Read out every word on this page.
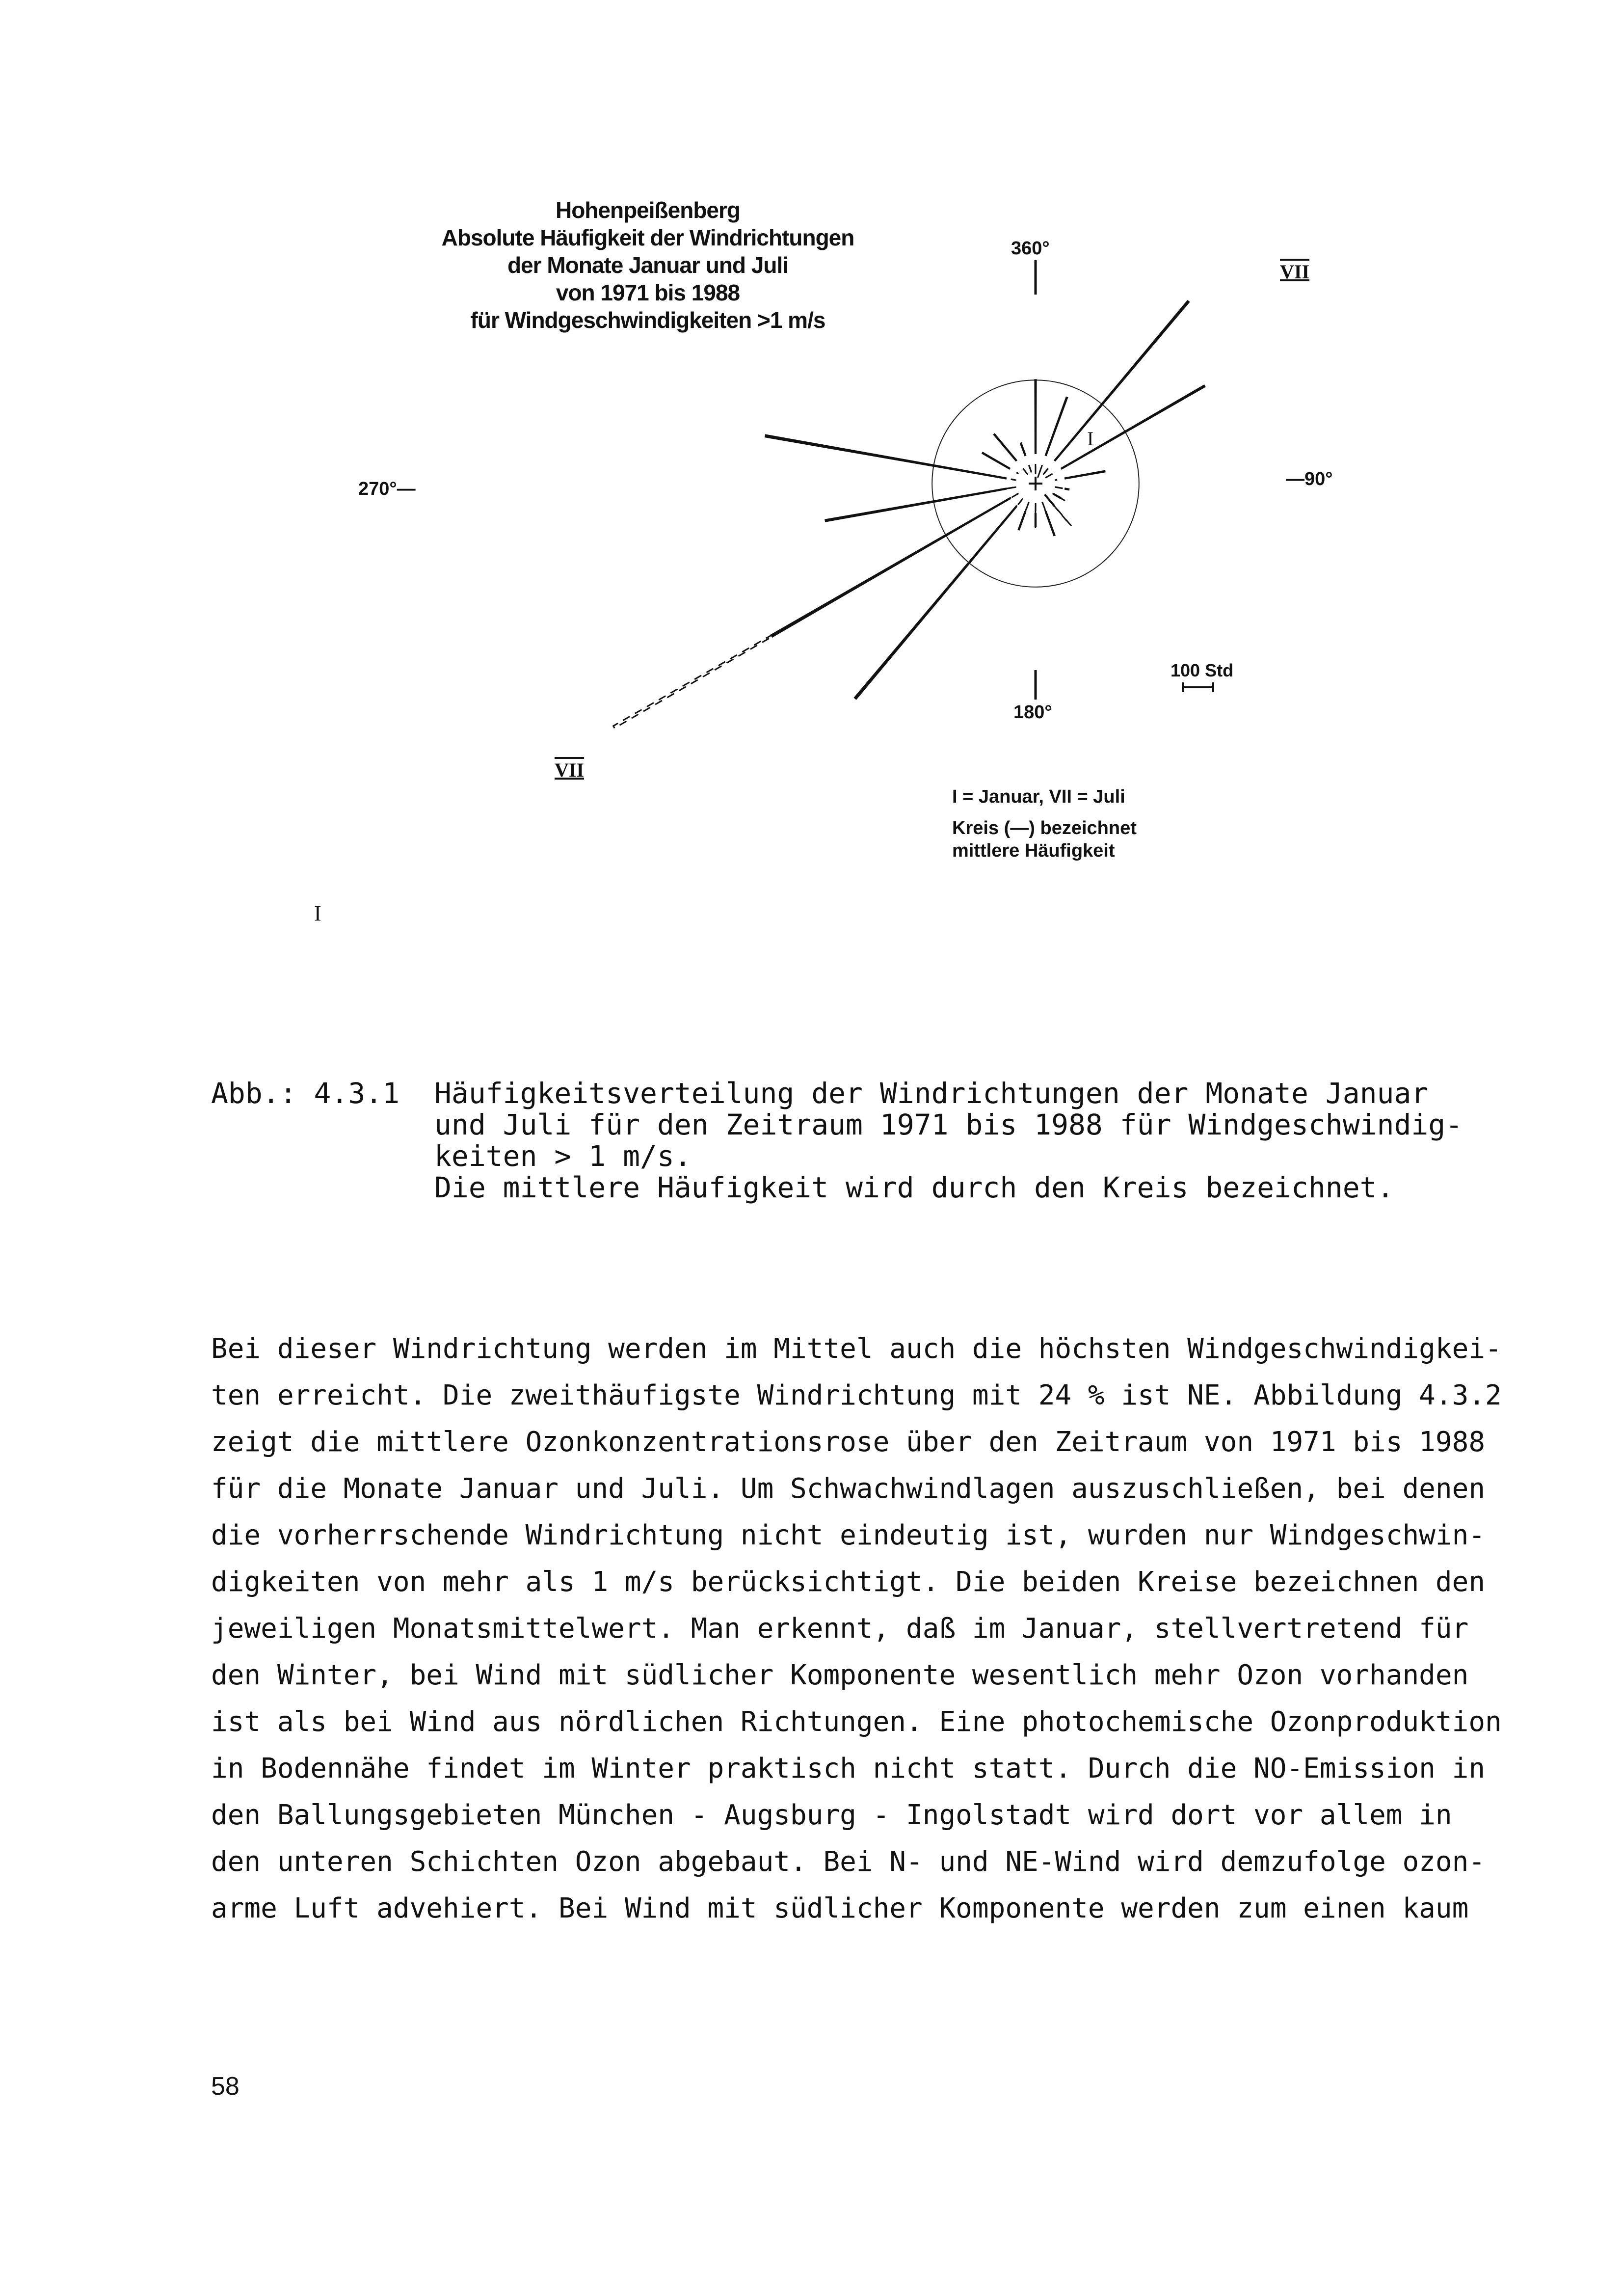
Hohenpeißenberg
Absolute Häufigkeit der Windrichtungen
der Monate Januar und Juli
von 1971 bis 1988
für Windgeschwindigkeiten >1 m/s
360°
—90°
180°
270°—
100 Std
VII
VII
I
I
I = Januar, VII = Juli
Kreis (—) bezeichnet
mittlere Häufigkeit
Abb.: 4.3.1 Häufigkeitsverteilung der Windrichtungen der Monate Januar
und Juli für den Zeitraum 1971 bis 1988 für Windgeschwindig-
keiten > 1 m/s.
Die mittlere Häufigkeit wird durch den Kreis bezeichnet.
Bei dieser Windrichtung werden im Mittel auch die höchsten Windgeschwindigkei-
ten erreicht. Die zweithäufigste Windrichtung mit 24 % ist NE. Abbildung 4.3.2
zeigt die mittlere Ozonkonzentrationsrose über den Zeitraum von 1971 bis 1988
für die Monate Januar und Juli. Um Schwachwindlagen auszuschließen, bei denen
die vorherrschende Windrichtung nicht eindeutig ist, wurden nur Windgeschwin-
digkeiten von mehr als 1 m/s berücksichtigt. Die beiden Kreise bezeichnen den
jeweiligen Monatsmittelwert. Man erkennt, daß im Januar, stellvertretend für
den Winter, bei Wind mit südlicher Komponente wesentlich mehr Ozon vorhanden
ist als bei Wind aus nördlichen Richtungen. Eine photochemische Ozonproduktion
in Bodennähe findet im Winter praktisch nicht statt. Durch die NO-Emission in
den Ballungsgebieten München - Augsburg - Ingolstadt wird dort vor allem in
den unteren Schichten Ozon abgebaut. Bei N- und NE-Wind wird demzufolge ozon-
arme Luft advehiert. Bei Wind mit südlicher Komponente werden zum einen kaum
58
